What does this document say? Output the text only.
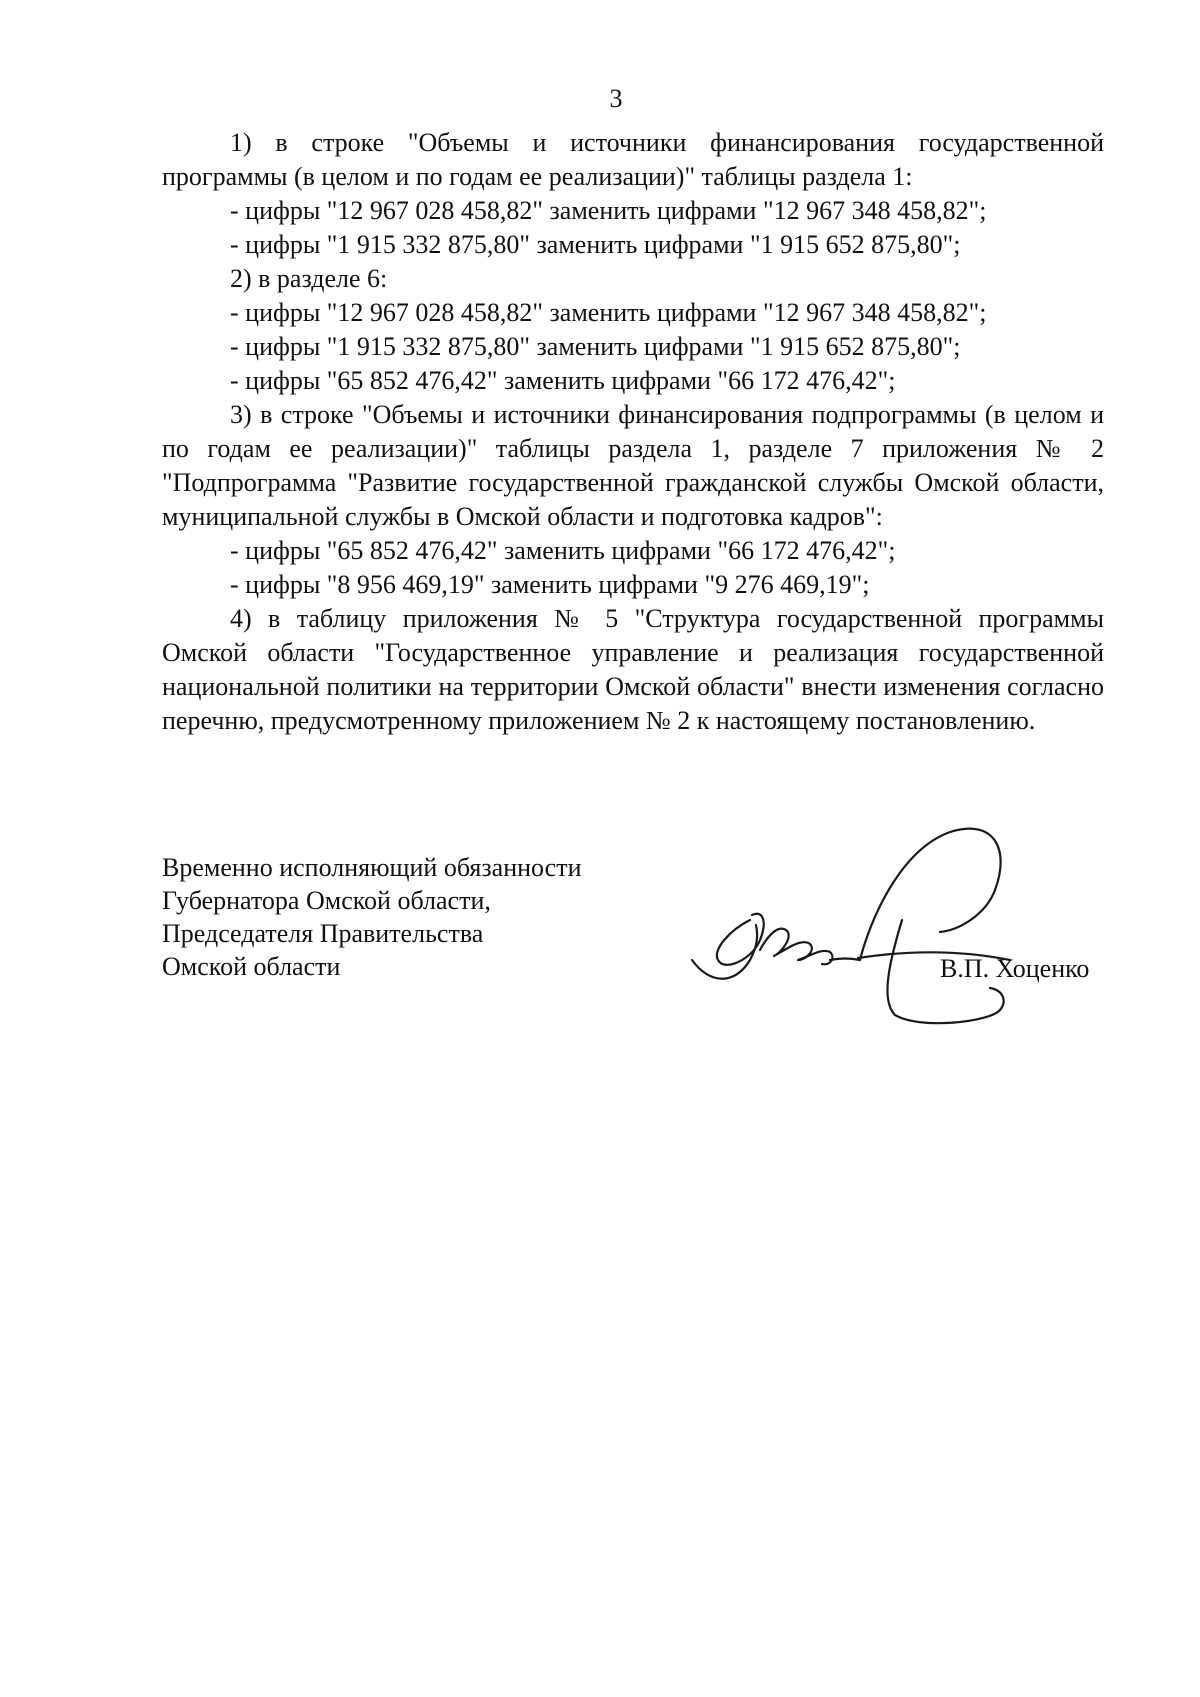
3

1) в строке "Объемы и источники финансирования государственной программы (в целом и по годам ее реализации)" таблицы раздела 1:

- цифры "12 967 028 458,82" заменить цифрами "12 967 348 458,82";

- цифры "1 915 332 875,80" заменить цифрами "1 915 652 875,80";

2) в разделе 6:

- цифры "12 967 028 458,82" заменить цифрами "12 967 348 458,82";

- цифры "1 915 332 875,80" заменить цифрами "1 915 652 875,80";

- цифры "65 852 476,42" заменить цифрами "66 172 476,42";

3) в строке "Объемы и источники финансирования подпрограммы (в целом и по годам ее реализации)" таблицы раздела 1, разделе 7 приложения № 2 "Подпрограмма "Развитие государственной гражданской службы Омской области, муниципальной службы в Омской области и подготовка кадров":

- цифры "65 852 476,42" заменить цифрами "66 172 476,42";

- цифры "8 956 469,19" заменить цифрами "9 276 469,19";

4) в таблицу приложения № 5 "Структура государственной программы Омской области "Государственное управление и реализация государственной национальной политики на территории Омской области" внести изменения согласно перечню, предусмотренному приложением № 2 к настоящему постановлению.

Временно исполняющий обязанности
Губернатора Омской области,
Председателя Правительства
Омской области	В.П. Хоценко
